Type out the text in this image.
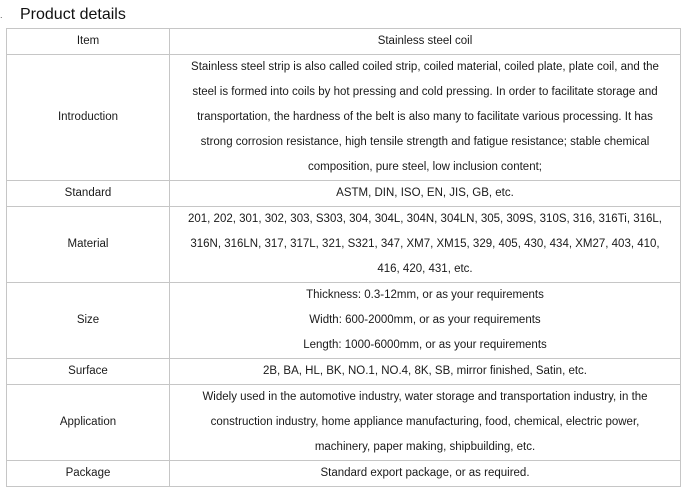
. Product details
Item	Stainless steel coil
Introduction	Stainless steel strip is also called coiled strip, coiled material, coiled plate, plate coil, and the
steel is formed into coils by hot pressing and cold pressing. In order to facilitate storage and
transportation, the hardness of the belt is also many to facilitate various processing. It has
strong corrosion resistance, high tensile strength and fatigue resistance; stable chemical
composition, pure steel, low inclusion content;

Standard	ASTM, DIN, ISO, EN, JIS, GB, etc.

Material	201, 202, 301, 302, 303, S303, 304, 304L, 304N, 304LN, 305, 309S, 310S, 316, 316Ti, 316L,
316N, 316LN, 317, 317L, 321, S321, 347, XM7, XM15, 329, 405, 430, 434, XM27, 403, 410,
416, 420, 431, etc.

Size	Thickness: 0.3-12mm, or as your requirements
Width: 600-2000mm, or as your requirements
Length: 1000-6000mm, or as your requirements

Surface	2B, BA, HL, BK, NO.1, NO.4, 8K, SB, mirror finished, Satin, etc.

Application	Widely used in the automotive industry, water storage and transportation industry, in the
construction industry, home appliance manufacturing, food, chemical, electric power,
machinery, paper making, shipbuilding, etc.

Package	Standard export package, or as required.
